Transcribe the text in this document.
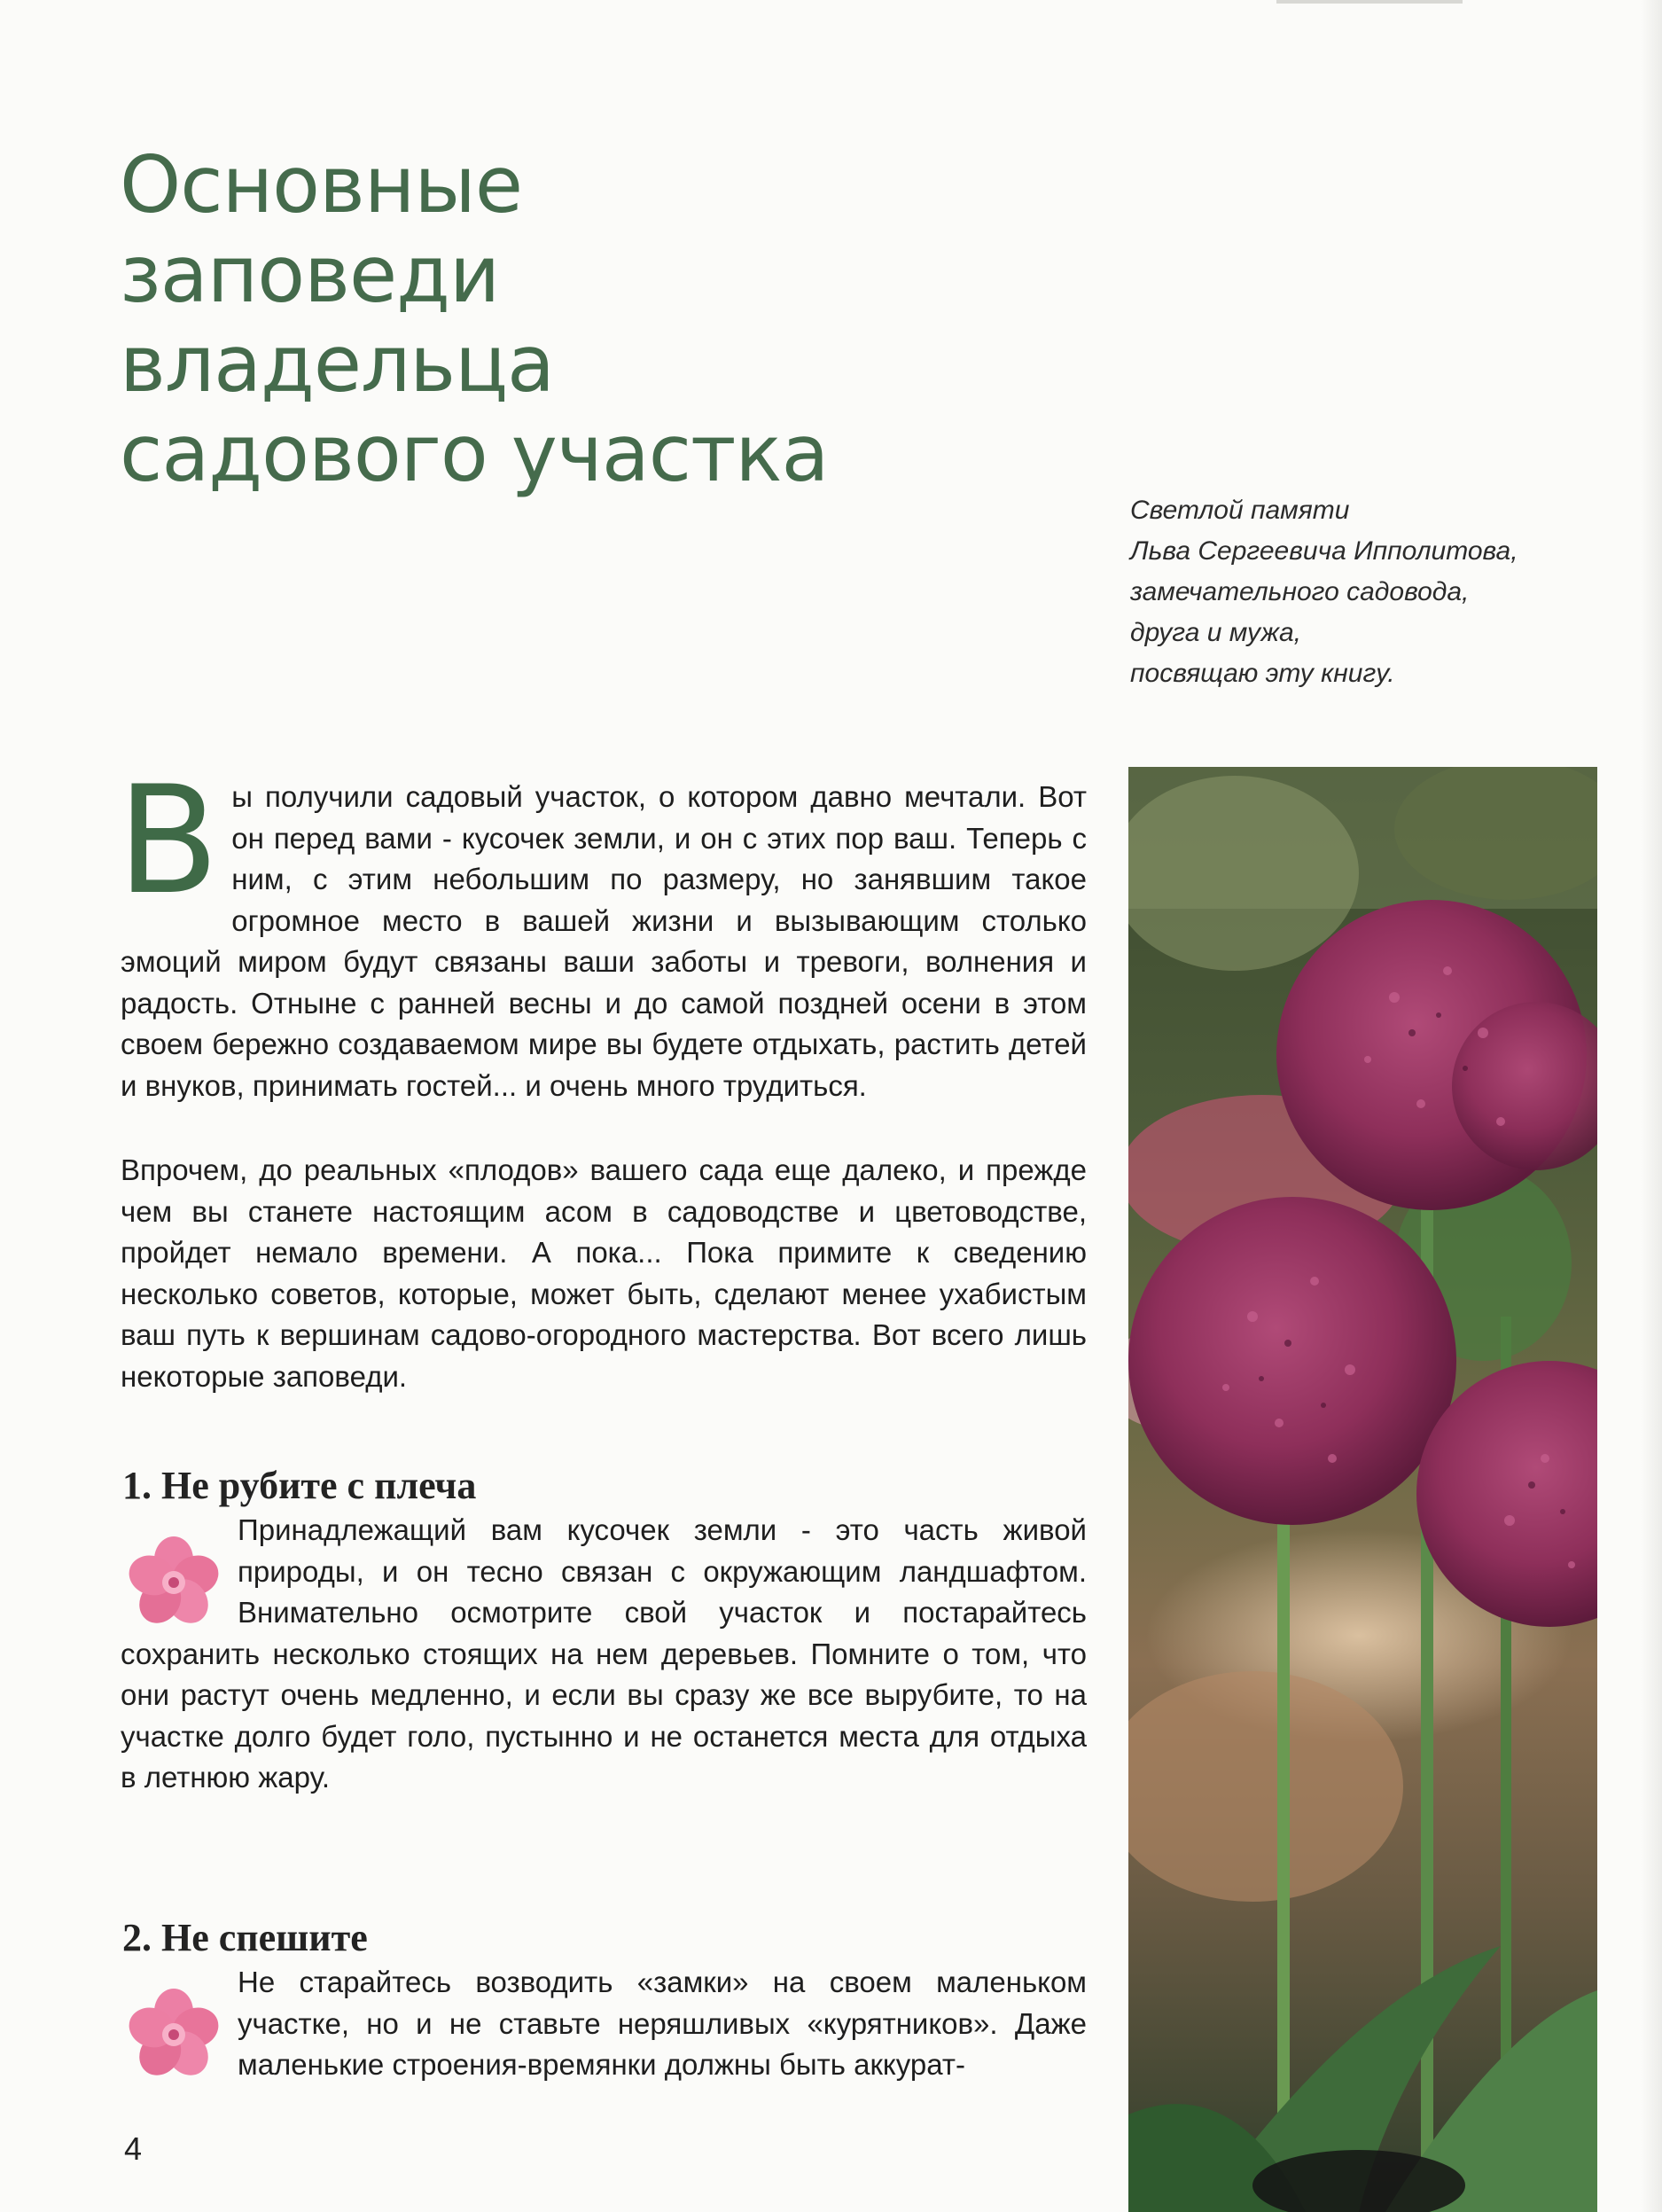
Основные
заповеди
владельца
садового участка
Светлой памяти
Льва Сергеевича Ипполитова,
замечательного садовода,
друга и мужа,
посвящаю эту книгу.

Вы получили садовый участок, о котором давно мечтали. Вот он перед вами - кусочек земли, и он с этих пор ваш. Теперь с ним, с этим небольшим по размеру, но занявшим такое огромное место в вашей жизни и вызывающим столько эмоций миром будут связаны ваши заботы и тревоги, волнения и радость. Отныне с ранней весны и до самой поздней осени в этом своем бережно создаваемом мире вы будете отдыхать, растить детей и внуков, принимать гостей... и очень много трудиться.

Впрочем, до реальных «плодов» вашего сада еще далеко, и прежде чем вы станете настоящим асом в садоводстве и цветоводстве, пройдет немало времени. А пока... Пока примите к сведению несколько советов, которые, может быть, сделают менее ухабистым ваш путь к вершинам садово-огородного мастерства. Вот всего лишь некоторые заповеди.

1. Не рубите с плеча

Принадлежащий вам кусочек земли - это часть живой природы, и он тесно связан с окружающим ландшафтом. Внимательно осмотрите свой участок и постарайтесь сохранить несколько стоящих на нем деревьев. Помните о том, что они растут очень медленно, и если вы сразу же все вырубите, то на участке долго будет голо, пустынно и не останется места для отдыха в летнюю жару.

2. Не спешите

Не старайтесь возводить «замки» на своем маленьком участке, но и не ставьте неряшливых «курятников». Даже маленькие строения-времянки должны быть аккурат-

4
